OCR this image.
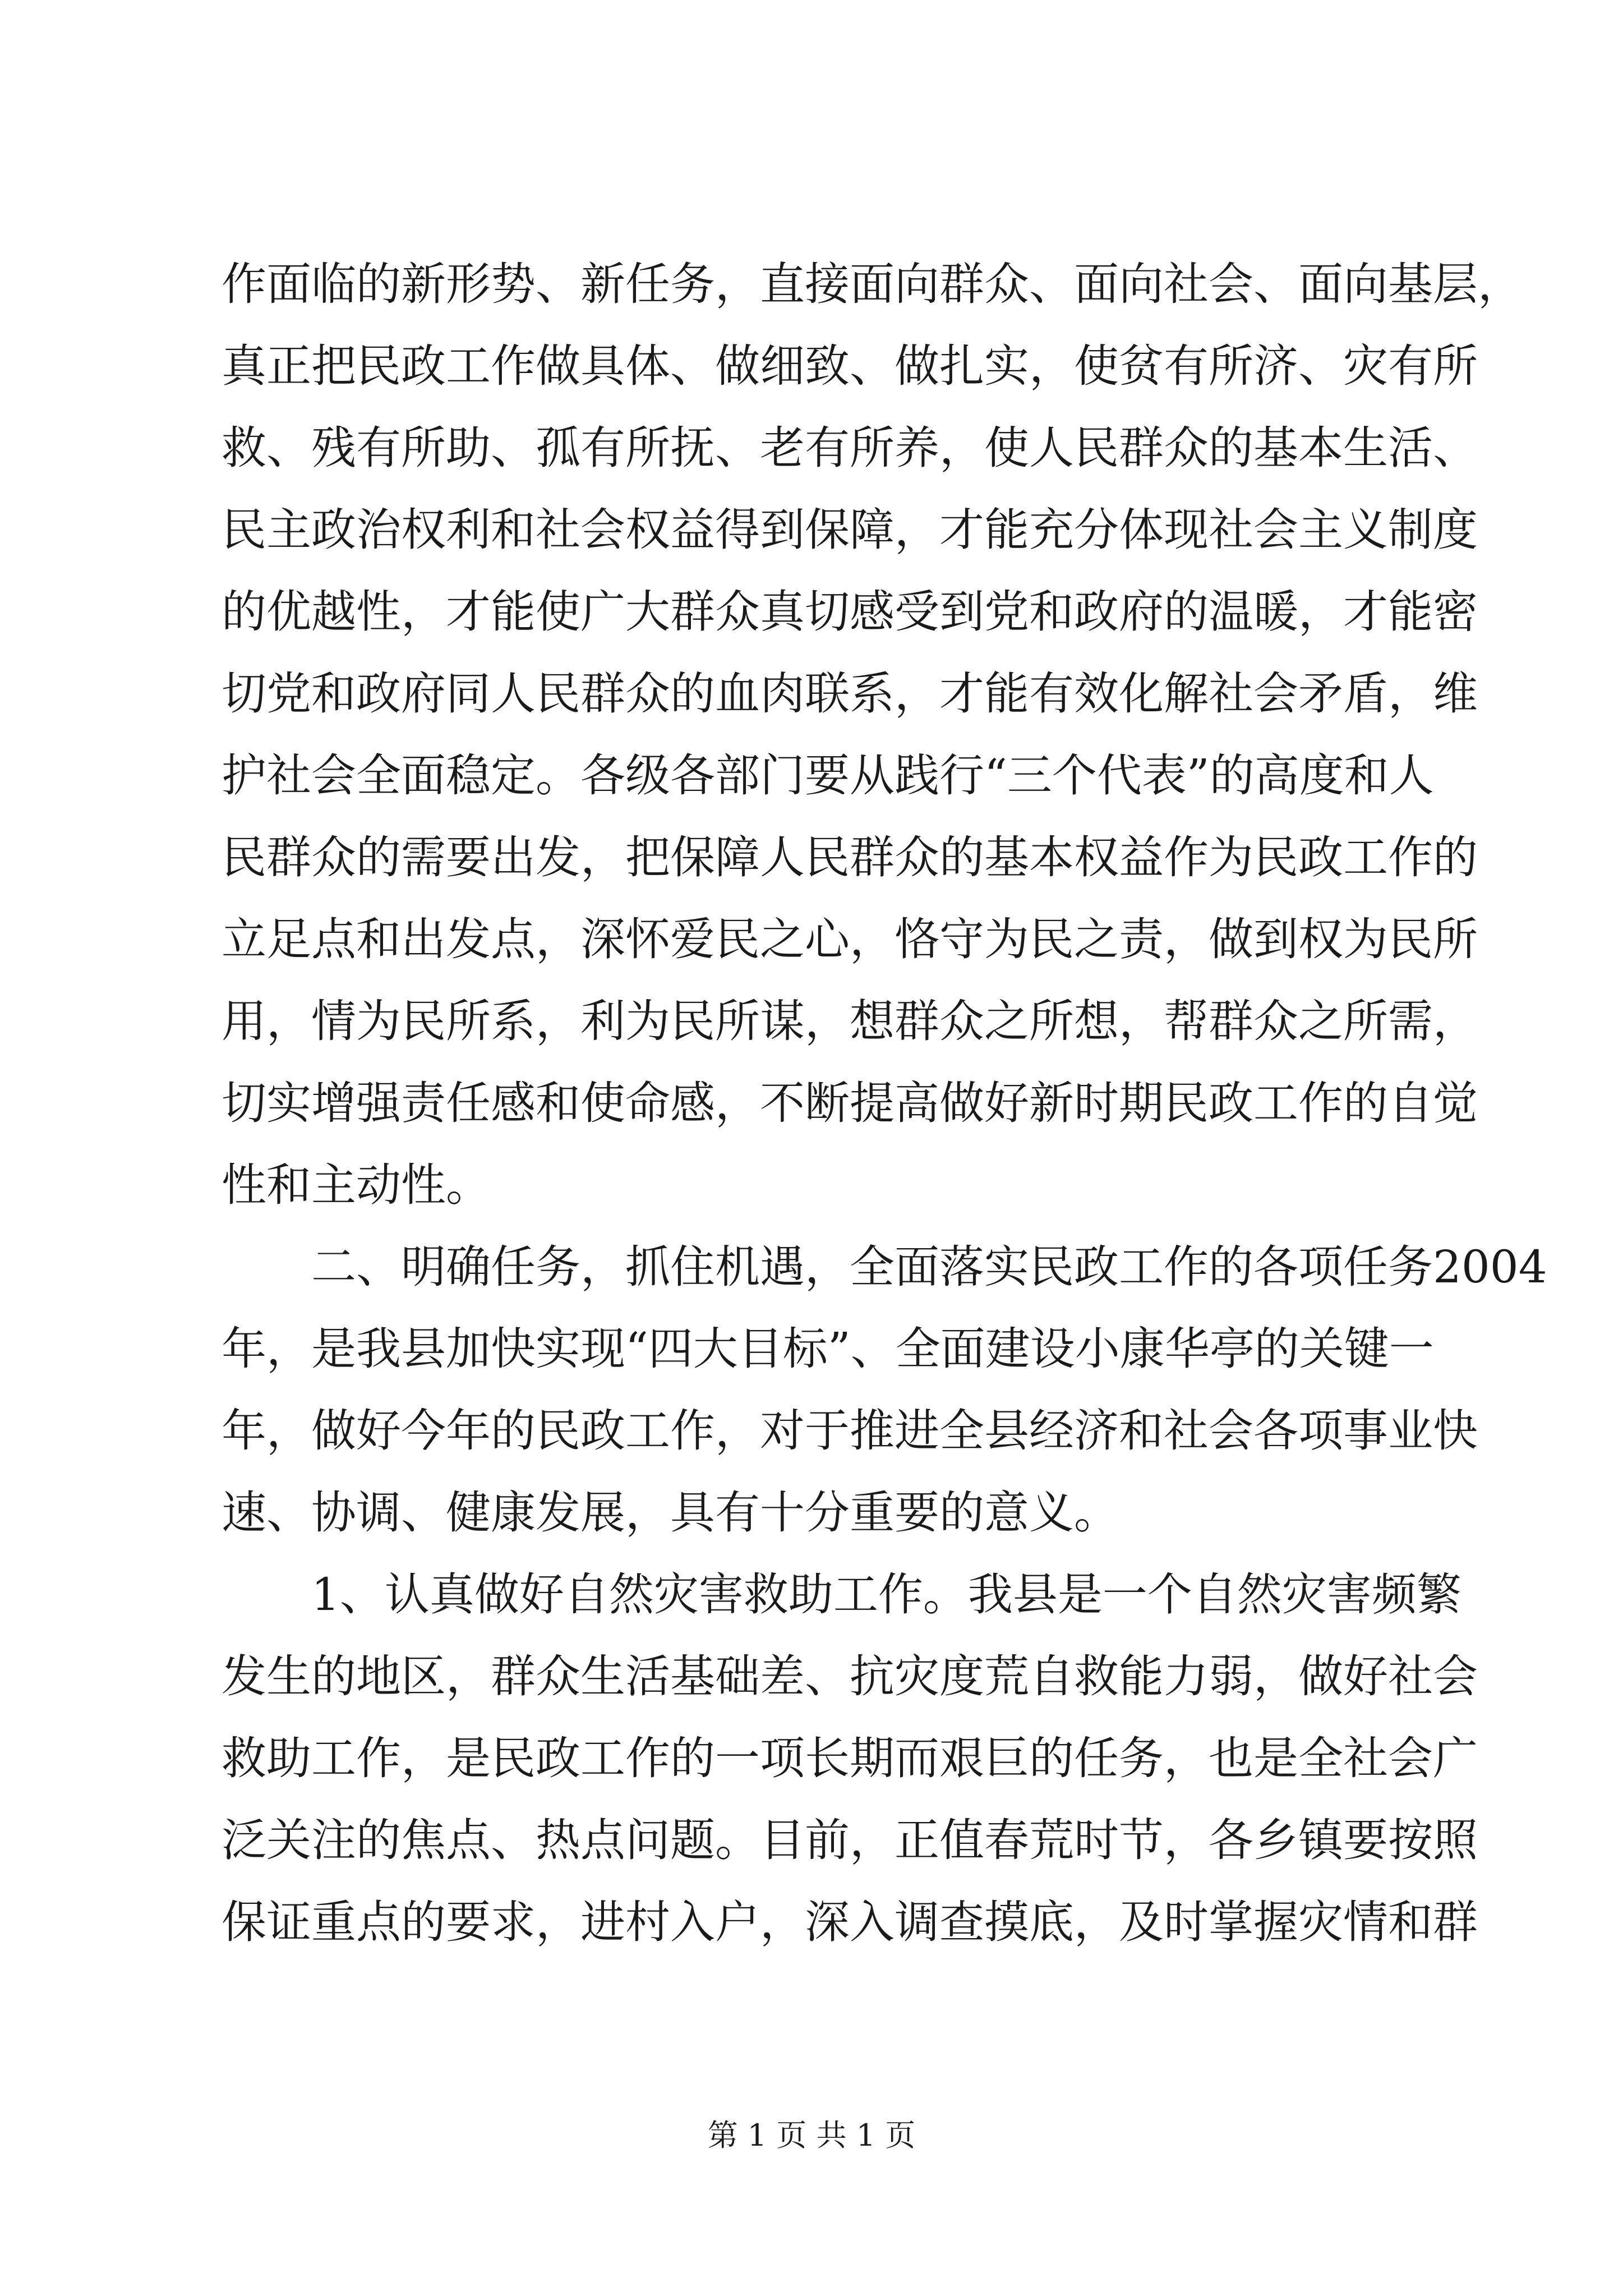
作面临的新形势、新任务，直接面向群众、面向社会、面向基层，
真正把民政工作做具体、做细致、做扎实，使贫有所济、灾有所
救、残有所助、孤有所抚、老有所养，使人民群众的基本生活、
民主政治权利和社会权益得到保障，才能充分体现社会主义制度
的优越性，才能使广大群众真切感受到党和政府的温暖，才能密
切党和政府同人民群众的血肉联系，才能有效化解社会矛盾，维
护社会全面稳定。各级各部门要从践行“三个代表”的高度和人
民群众的需要出发，把保障人民群众的基本权益作为民政工作的
立足点和出发点，深怀爱民之心，恪守为民之责，做到权为民所
用，情为民所系，利为民所谋，想群众之所想，帮群众之所需，
切实增强责任感和使命感，不断提高做好新时期民政工作的自觉
性和主动性。
二、明确任务，抓住机遇，全面落实民政工作的各项任务2004
年，是我县加快实现“四大目标”、全面建设小康华亭的关键一
年，做好今年的民政工作，对于推进全县经济和社会各项事业快
速、协调、健康发展，具有十分重要的意义。
1、认真做好自然灾害救助工作。我县是一个自然灾害频繁
发生的地区，群众生活基础差、抗灾度荒自救能力弱，做好社会
救助工作，是民政工作的一项长期而艰巨的任务，也是全社会广
泛关注的焦点、热点问题。目前，正值春荒时节，各乡镇要按照
保证重点的要求，进村入户，深入调查摸底，及时掌握灾情和群
第 1 页 共 1 页
